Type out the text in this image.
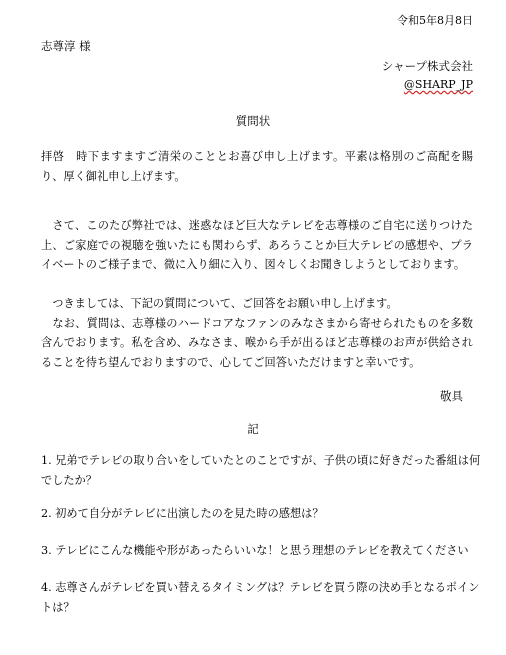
令和5年8月8日
志尊淳 様
シャープ株式会社
@SHARP_JP
質問状
拝啓　時下ますますご清栄のこととお喜び申し上げます。平素は格別のご高配を賜り、厚く御礼申し上げます。
　さて、このたび弊社では、迷惑なほど巨大なテレビを志尊様のご自宅に送りつけた上、ご家庭での視聴を強いたにも関わらず、あろうことか巨大テレビの感想や、プライベートのご様子まで、微に入り細に入り、図々しくお聞きしようとしております。
　つきましては、下記の質問について、ご回答をお願い申し上げます。
　なお、質問は、志尊様のハードコアなファンのみなさまから寄せられたものを多数含んでおります。私を含め、みなさま、喉から手が出るほど志尊様のお声が供給されることを待ち望んでおりますので、心してご回答いただけますと幸いです。
敬具
記
1. 兄弟でテレビの取り合いをしていたとのことですが、子供の頃に好きだった番組は何でしたか？
2. 初めて自分がテレビに出演したのを見た時の感想は？
3. テレビにこんな機能や形があったらいいな！と思う理想のテレビを教えてください
4. 志尊さんがテレビを買い替えるタイミングは？テレビを買う際の決め手となるポイントは？
